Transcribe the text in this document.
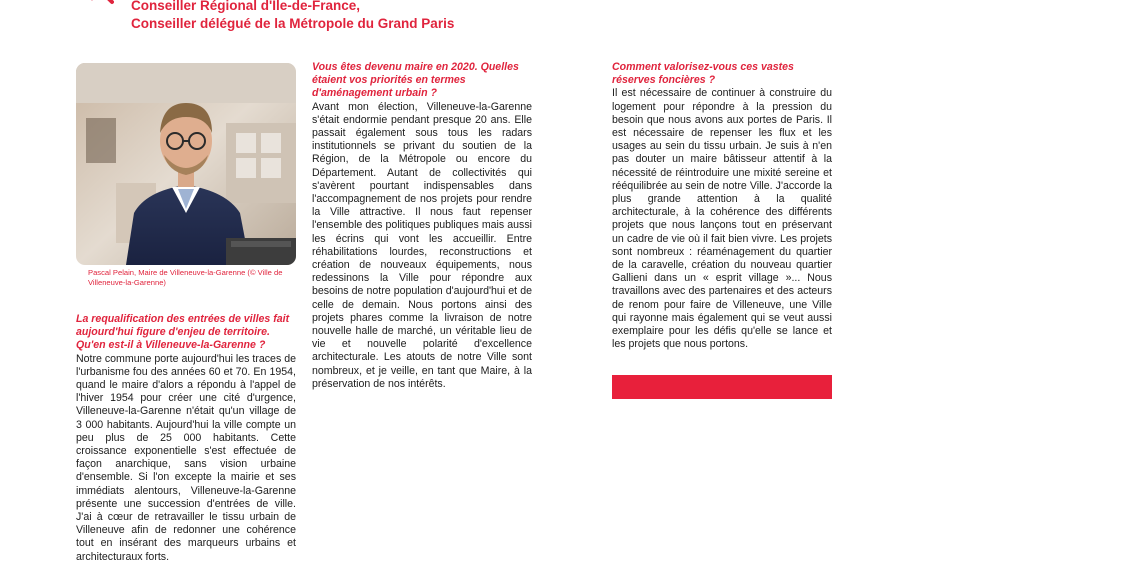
Conseiller Régional d'Ile-de-France,
Conseiller délégué de la Métropole du Grand Paris
Pascal Pelain, Maire de Villeneuve-la-Garenne (© Ville de Villeneuve-la-Garenne)
La requalification des entrées de villes fait aujourd'hui figure d'enjeu de territoire. Qu'en est-il à Villeneuve-la-Garenne ?
Notre commune porte aujourd'hui les traces de l'urbanisme fou des années 60 et 70. En 1954, quand le maire d'alors a répondu à l'appel de l'hiver 1954 pour créer une cité d'urgence, Villeneuve-la-Garenne n'était qu'un village de 3 000 habitants. Aujourd'hui la ville compte un peu plus de 25 000 habitants. Cette croissance exponentielle s'est effectuée de façon anarchique, sans vision urbaine d'ensemble. Si l'on excepte la mairie et ses immédiats alentours, Villeneuve-la-Garenne présente une succession d'entrées de ville. J'ai à cœur de retravailler le tissu urbain de Villeneuve afin de redonner une cohérence tout en insérant des marqueurs urbains et architecturaux forts.
Vous êtes devenu maire en 2020. Quelles étaient vos priorités en termes d'aménagement urbain ?
Avant mon élection, Villeneuve-la-Garenne s'était endormie pendant presque 20 ans. Elle passait également sous tous les radars institutionnels se privant du soutien de la Région, de la Métropole ou encore du Département. Autant de collectivités qui s'avèrent pourtant indispensables dans l'accompagnement de nos projets pour rendre la Ville attractive. Il nous faut repenser l'ensemble des politiques publiques mais aussi les écrins qui vont les accueillir. Entre réhabilitations lourdes, reconstructions et création de nouveaux équipements, nous redessinons la Ville pour répondre aux besoins de notre population d'aujourd'hui et de celle de demain. Nous portons ainsi des projets phares comme la livraison de notre nouvelle halle de marché, un véritable lieu de vie et nouvelle polarité d'excellence architecturale. Les atouts de notre Ville sont nombreux, et je veille, en tant que Maire, à la préservation de nos intérêts.
Comment valorisez-vous ces vastes réserves foncières ?
Il est nécessaire de continuer à construire du logement pour répondre à la pression du besoin que nous avons aux portes de Paris. Il est nécessaire de repenser les flux et les usages au sein du tissu urbain. Je suis à n'en pas douter un maire bâtisseur attentif à la nécessité de réintroduire une mixité sereine et rééquilibrée au sein de notre Ville. J'accorde la plus grande attention à la qualité architecturale, à la cohérence des différents projets que nous lançons tout en préservant un cadre de vie où il fait bien vivre. Les projets sont nombreux : réaménagement du quartier de la caravelle, création du nouveau quartier Gallieni dans un « esprit village »... Nous travaillons avec des partenaires et des acteurs de renom pour faire de Villeneuve, une Ville qui rayonne mais également qui se veut aussi exemplaire pour les défis qu'elle se lance et les projets que nous portons.
